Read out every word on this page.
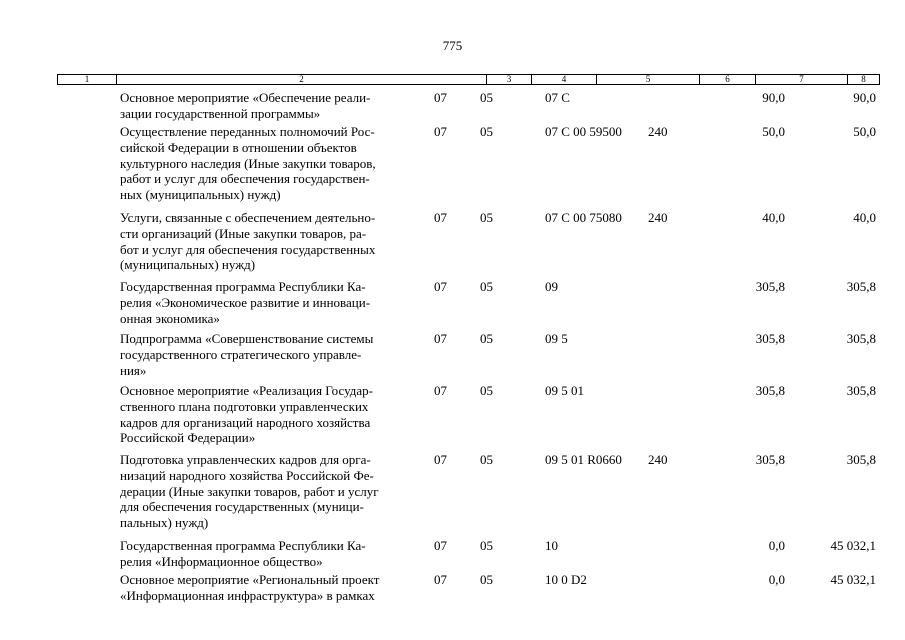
775
1	2	3	4	5	6	7	8
Основное мероприятие «Обеспечение реали-
зации государственной программы»
07	05	07 С	90,0	90,0
Осуществление переданных полномочий Рос-
сийской Федерации в отношении объектов
культурного наследия (Иные закупки товаров,
работ и услуг для обеспечения государствен-
ных (муниципальных) нужд)
07	05	07 С 00 59500 240	50,0	50,0
Услуги, связанные с обеспечением деятельно-
сти организаций (Иные закупки товаров, ра-
бот и услуг для обеспечения государственных
(муниципальных) нужд)
07	05	07 С 00 75080 240	40,0	40,0
Государственная программа Республики Ка-
релия «Экономическое развитие и инноваци-
онная экономика»
07	05	09	305,8	305,8
Подпрограмма «Совершенствование системы
государственного стратегического управле-
ния»
07	05	09 5	305,8	305,8
Основное мероприятие «Реализация Государ-
ственного плана подготовки управленческих
кадров для организаций народного хозяйства
Российской Федерации»
07	05	09 5 01	305,8	305,8
Подготовка управленческих кадров для орга-
низаций народного хозяйства Российской Фе-
дерации (Иные закупки товаров, работ и услуг
для обеспечения государственных (муници-
пальных) нужд)
07	05	09 5 01 R0660 240	305,8	305,8
Государственная программа Республики Ка-
релия «Информационное общество»
07	05	10	0,0	45 032,1
Основное мероприятие «Региональный проект
«Информационная инфраструктура» в рамках
07	05	10 0 D2	0,0	45 032,1
